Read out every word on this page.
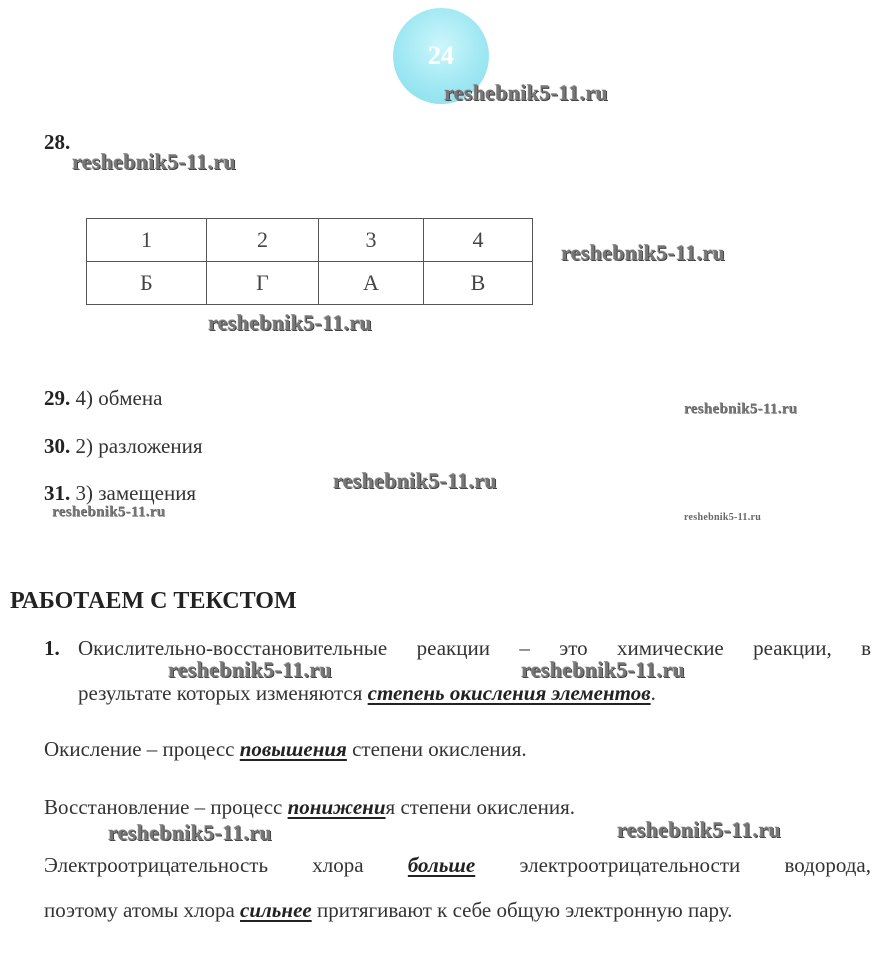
24
reshebnik5-11.ru
reshebnik5-11.ru
reshebnik5-11.ru
reshebnik5-11.ru
reshebnik5-11.ru
reshebnik5-11.ru
reshebnik5-11.ru	reshebnik5-11.ru
reshebnik5-11.ru	reshebnik5-11.ru
reshebnik5-11.ru	reshebnik5-11.ru
28.
1	2	3	4
Б	Г	А	В
29. 4) обмена
30. 2) разложения
31. 3) замещения
РАБОТАЕМ С ТЕКСТОМ
1. Окислительно-восстановительные реакции – это химические реакции, в
результате которых изменяются степень окисления элементов.
Окисление – процесс повышения степени окисления.
Восстановление – процесс понижения степени окисления.
Электроотрицательность хлора больше электроотрицательности водорода,
поэтому атомы хлора сильнее притягивают к себе общую электронную пару.
